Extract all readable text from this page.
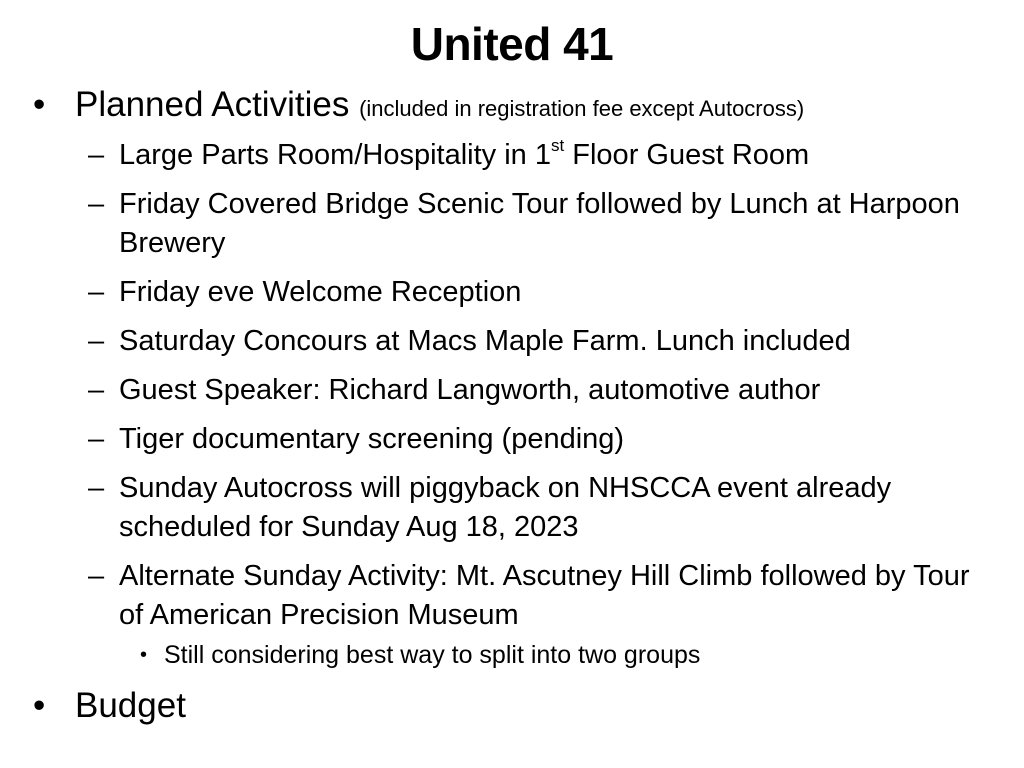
United 41
• Planned Activities (included in registration fee except Autocross)
– Large Parts Room/Hospitality in 1st Floor Guest Room
– Friday Covered Bridge Scenic Tour followed by Lunch at Harpoon Brewery
– Friday eve Welcome Reception
– Saturday Concours at Macs Maple Farm. Lunch included
– Guest Speaker: Richard Langworth, automotive author
– Tiger documentary screening (pending)
– Sunday Autocross will piggyback on NHSCCA event already scheduled for Sunday Aug 18, 2023
– Alternate Sunday Activity: Mt. Ascutney Hill Climb followed by Tour of American Precision Museum
• Still considering best way to split into two groups
• Budget
